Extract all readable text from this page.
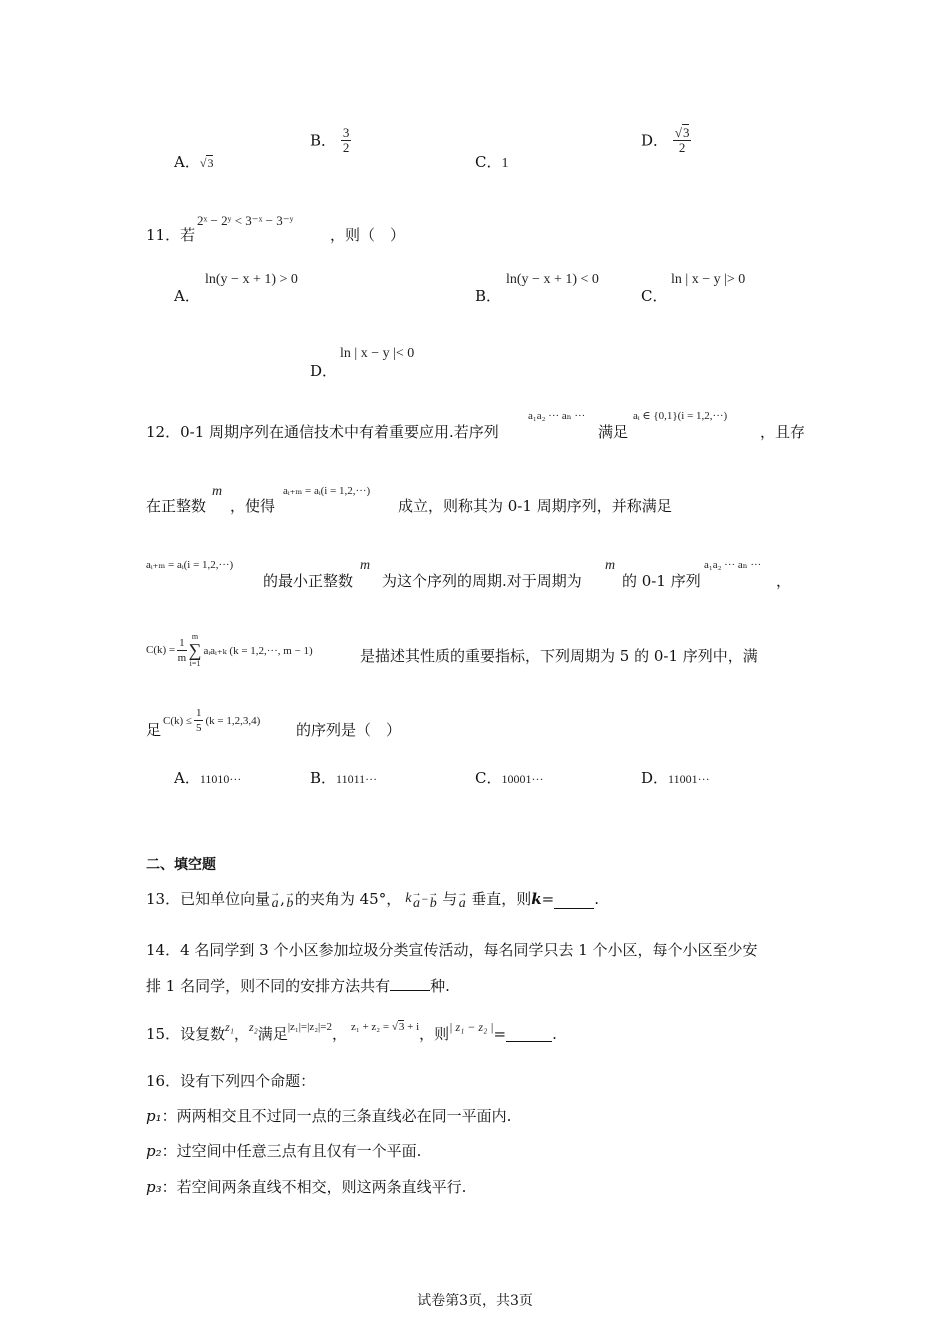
A．√3
B． $\frac{3}{2}$
C．1
D． $\frac{√3}{2}$
11．若
2ˣ − 2ʸ < 3⁻ˣ − 3⁻ʸ
，则（　）
A．
ln(y − x + 1) > 0
B．
ln(y − x + 1) < 0
C．
ln | x − y |> 0
D．
ln | x − y |< 0
12．0-1 周期序列在通信技术中有着重要应用.若序列
a₁a₂ ··· aₙ ···
满足
aᵢ ∈ {0,1}(i = 1,2,···)
，且存
在正整数
m
，使得
aᵢ₊ₘ = aᵢ(i = 1,2,···)
成立，则称其为 0-1 周期序列，并称满足
aᵢ₊ₘ = aᵢ(i = 1,2,···)
的最小正整数
m
为这个序列的周期.对于周期为
m
的 0-1 序列
a₁a₂ ··· aₙ ···
，
$C(k) = \frac{1}{m}$ m
∑
i=1
aᵢaᵢ₊ₖ (k = 1,2,···, m − 1)	是描述其性质的重要指标，下列周期为 5 的 0-1 序列中，满
足
$C(k) \le \frac{1}{5} (k = 1,2,3,4)$
的序列是（　）
A．11010···	B．11011···	C．10001···	D．11001···
二、填空题
13．已知单位向量 →
a , →
b 的夹角为 45°， k →
a − →
b 与 →
a 垂直，则 k =	.
14．4 名同学到 3 个小区参加垃圾分类宣传活动，每名同学只去 1 个小区，每个小区至少安
排 1 名同学，则不同的安排方法共有	种.
15．设复数 z₁ ， z₂ 满足 |z₁|=|z₂|=2 ， z₁ + z₂ = √3 + i ，则 | z₁ − z₂ | =	.
16．设有下列四个命题：
p₁：两两相交且不过同一点的三条直线必在同一平面内.
p₂：过空间中任意三点有且仅有一个平面.
p₃：若空间两条直线不相交，则这两条直线平行.
试卷第3页，共3页
